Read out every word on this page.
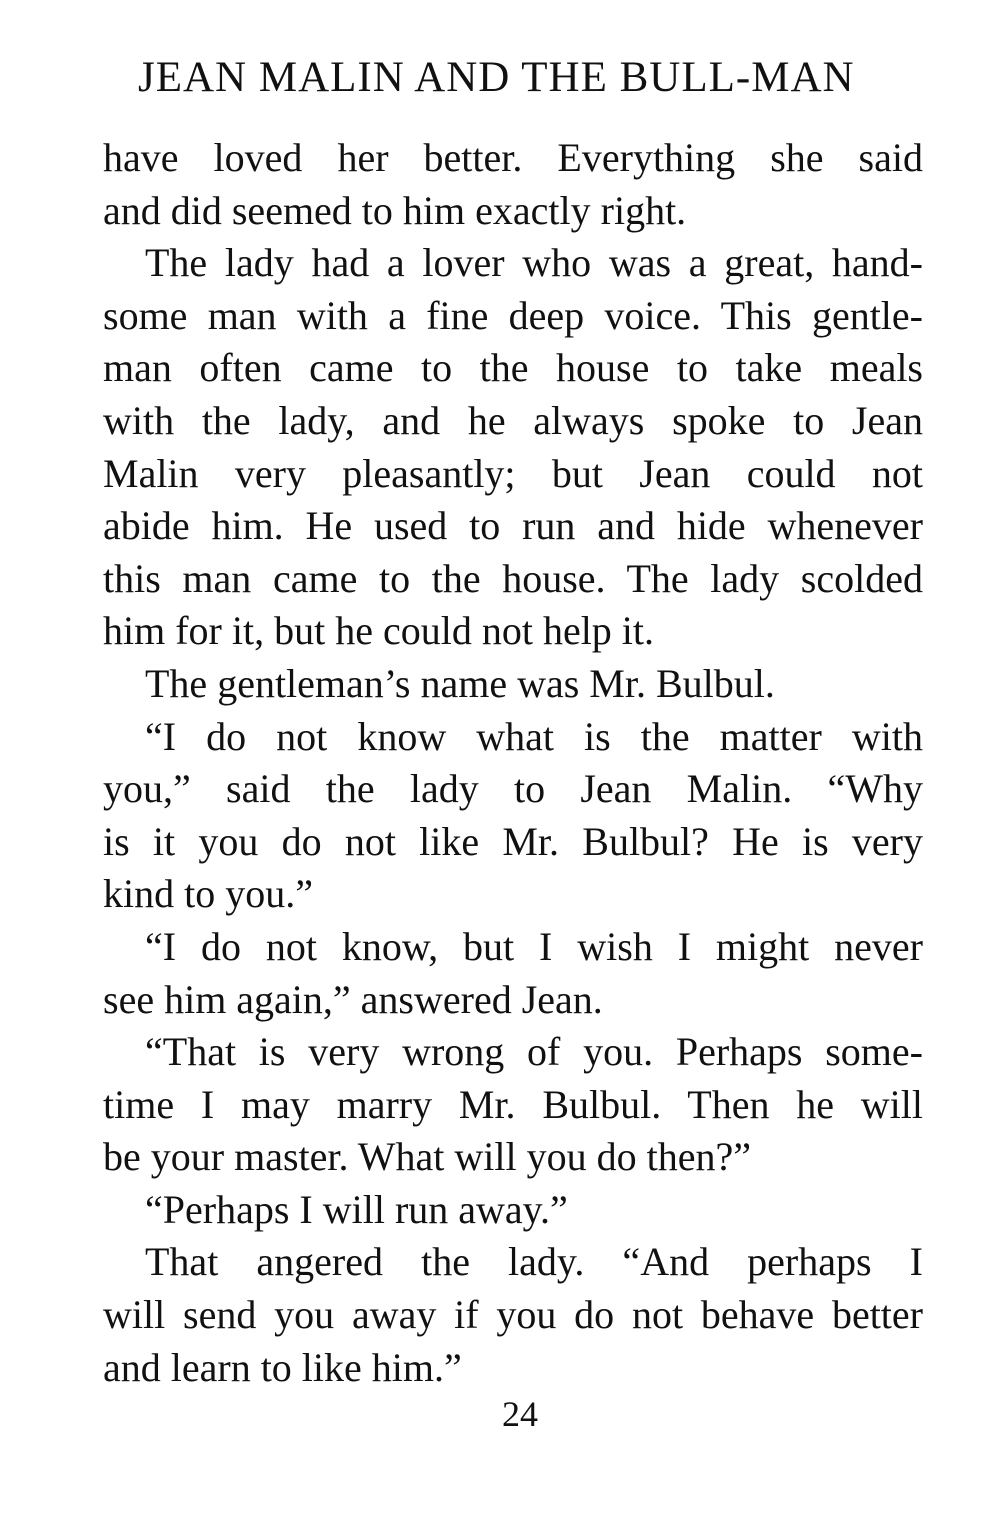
JEAN MALIN AND THE BULL-MAN
have loved her better. Everything she said
and did seemed to him exactly right.
The lady had a lover who was a great, hand-
some man with a fine deep voice. This gentle-
man often came to the house to take meals
with the lady, and he always spoke to Jean
Malin very pleasantly; but Jean could not
abide him. He used to run and hide whenever
this man came to the house. The lady scolded
him for it, but he could not help it.
The gentleman’s name was Mr. Bulbul.
“I do not know what is the matter with
you,” said the lady to Jean Malin. “Why
is it you do not like Mr. Bulbul? He is very
kind to you.”
“I do not know, but I wish I might never
see him again,” answered Jean.
“That is very wrong of you. Perhaps some-
time I may marry Mr. Bulbul. Then he will
be your master. What will you do then?”
“Perhaps I will run away.”
That angered the lady. “And perhaps I
will send you away if you do not behave better
and learn to like him.”
24
